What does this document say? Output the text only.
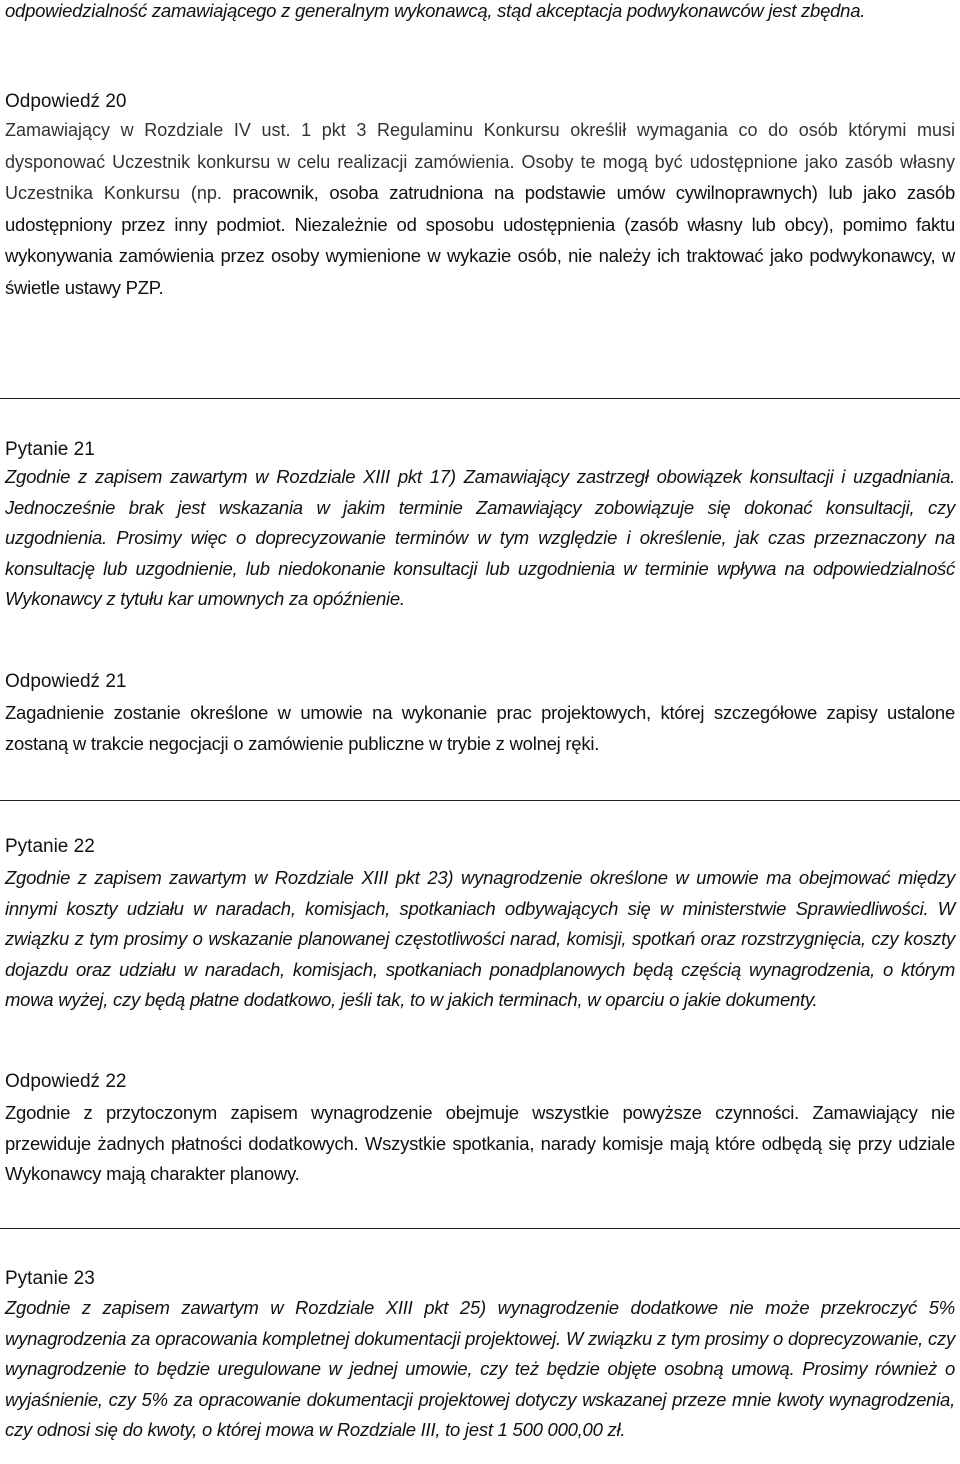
odpowiedzialność zamawiającego z generalnym wykonawcą, stąd akceptacja podwykonawców jest zbędna.

Odpowiedź 20

Zamawiający w Rozdziale IV ust. 1 pkt 3 Regulaminu Konkursu określił wymagania co do osób którymi musi dysponować Uczestnik konkursu w celu realizacji zamówienia. Osoby te mogą być udostępnione jako zasób własny Uczestnika Konkursu (np. pracownik, osoba zatrudniona na podstawie umów cywilnoprawnych) lub jako zasób udostępniony przez inny podmiot. Niezależnie od sposobu udostępnienia (zasób własny lub obcy), pomimo faktu wykonywania zamówienia przez osoby wymienione w wykazie osób, nie należy ich traktować jako podwykonawcy, w świetle ustawy PZP.

Pytanie 21

Zgodnie z zapisem zawartym w Rozdziale XIII pkt 17) Zamawiający zastrzegł obowiązek konsultacji i uzgadniania. Jednocześnie brak jest wskazania w jakim terminie Zamawiający zobowiązuje się dokonać konsultacji, czy uzgodnienia. Prosimy więc o doprecyzowanie terminów w tym względzie i określenie, jak czas przeznaczony na konsultację lub uzgodnienie, lub niedokonanie konsultacji lub uzgodnienia w terminie wpływa na odpowiedzialność Wykonawcy z tytułu kar umownych za opóźnienie.

Odpowiedź 21

Zagadnienie zostanie określone w umowie na wykonanie prac projektowych, której szczegółowe zapisy ustalone zostaną w trakcie negocjacji o zamówienie publiczne w trybie z wolnej ręki.

Pytanie 22

Zgodnie z zapisem zawartym w Rozdziale XIII pkt 23) wynagrodzenie określone w umowie ma obejmować między innymi koszty udziału w naradach, komisjach, spotkaniach odbywających się w ministerstwie Sprawiedliwości. W związku z tym prosimy o wskazanie planowanej częstotliwości narad, komisji, spotkań oraz rozstrzygnięcia, czy koszty dojazdu oraz udziału w naradach, komisjach, spotkaniach ponadplanowych będą częścią wynagrodzenia, o którym mowa wyżej, czy będą płatne dodatkowo, jeśli tak, to w jakich terminach, w oparciu o jakie dokumenty.

Odpowiedź 22

Zgodnie z przytoczonym zapisem wynagrodzenie obejmuje wszystkie powyższe czynności. Zamawiający nie przewiduje żadnych płatności dodatkowych. Wszystkie spotkania, narady komisje mają które odbędą się przy udziale Wykonawcy mają charakter planowy.

Pytanie 23

Zgodnie z zapisem zawartym w Rozdziale XIII pkt 25) wynagrodzenie dodatkowe nie może przekroczyć 5% wynagrodzenia za opracowania kompletnej dokumentacji projektowej. W związku z tym prosimy o doprecyzowanie, czy wynagrodzenie to będzie uregulowane w jednej umowie, czy też będzie objęte osobną umową. Prosimy również o wyjaśnienie, czy 5% za opracowanie dokumentacji projektowej dotyczy wskazanej przeze mnie kwoty wynagrodzenia, czy odnosi się do kwoty, o której mowa w Rozdziale III, to jest 1 500 000,00 zł.
